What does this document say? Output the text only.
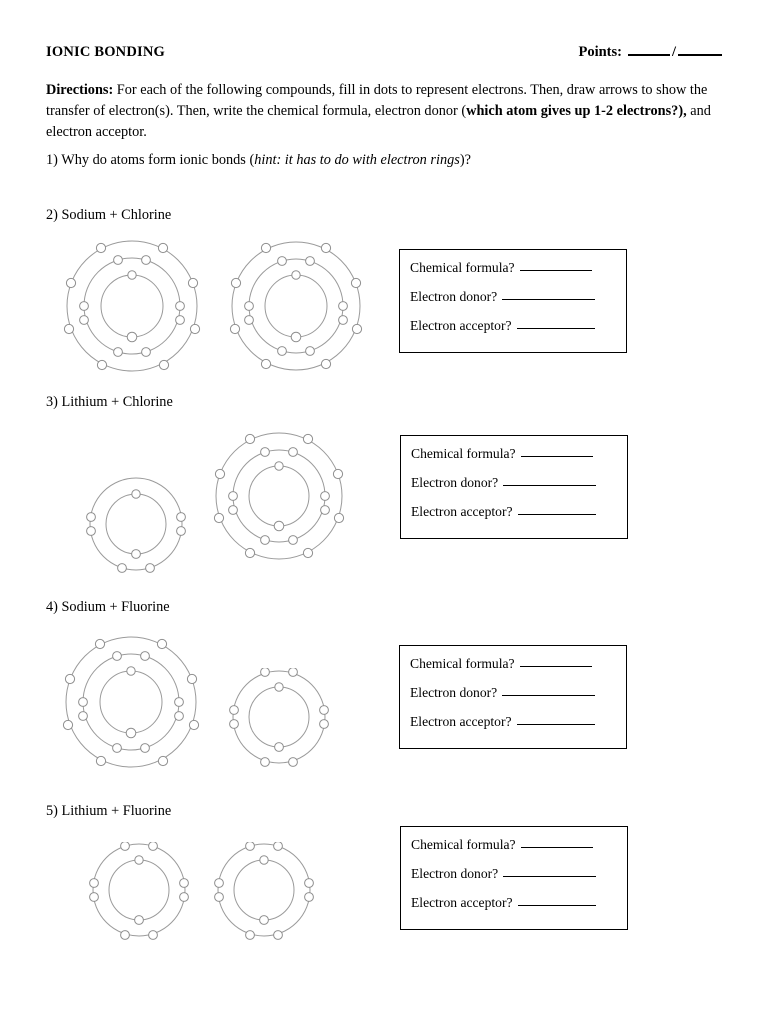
IONIC BONDING	Points:	/
Directions: For each of the following compounds, fill in dots to represent electrons. Then, draw arrows to show the transfer of electron(s). Then, write the chemical formula, electron donor (which atom gives up 1-2 electrons?), and electron acceptor.
1) Why do atoms form ionic bonds (hint: it has to do with electron rings)?
2) Sodium + Chlorine
Chemical formula?
Electron donor?
Electron acceptor?
3) Lithium + Chlorine
Chemical formula?
Electron donor?
Electron acceptor?
4) Sodium + Fluorine
Chemical formula?
Electron donor?
Electron acceptor?
5) Lithium + Fluorine
Chemical formula?
Electron donor?
Electron acceptor?
